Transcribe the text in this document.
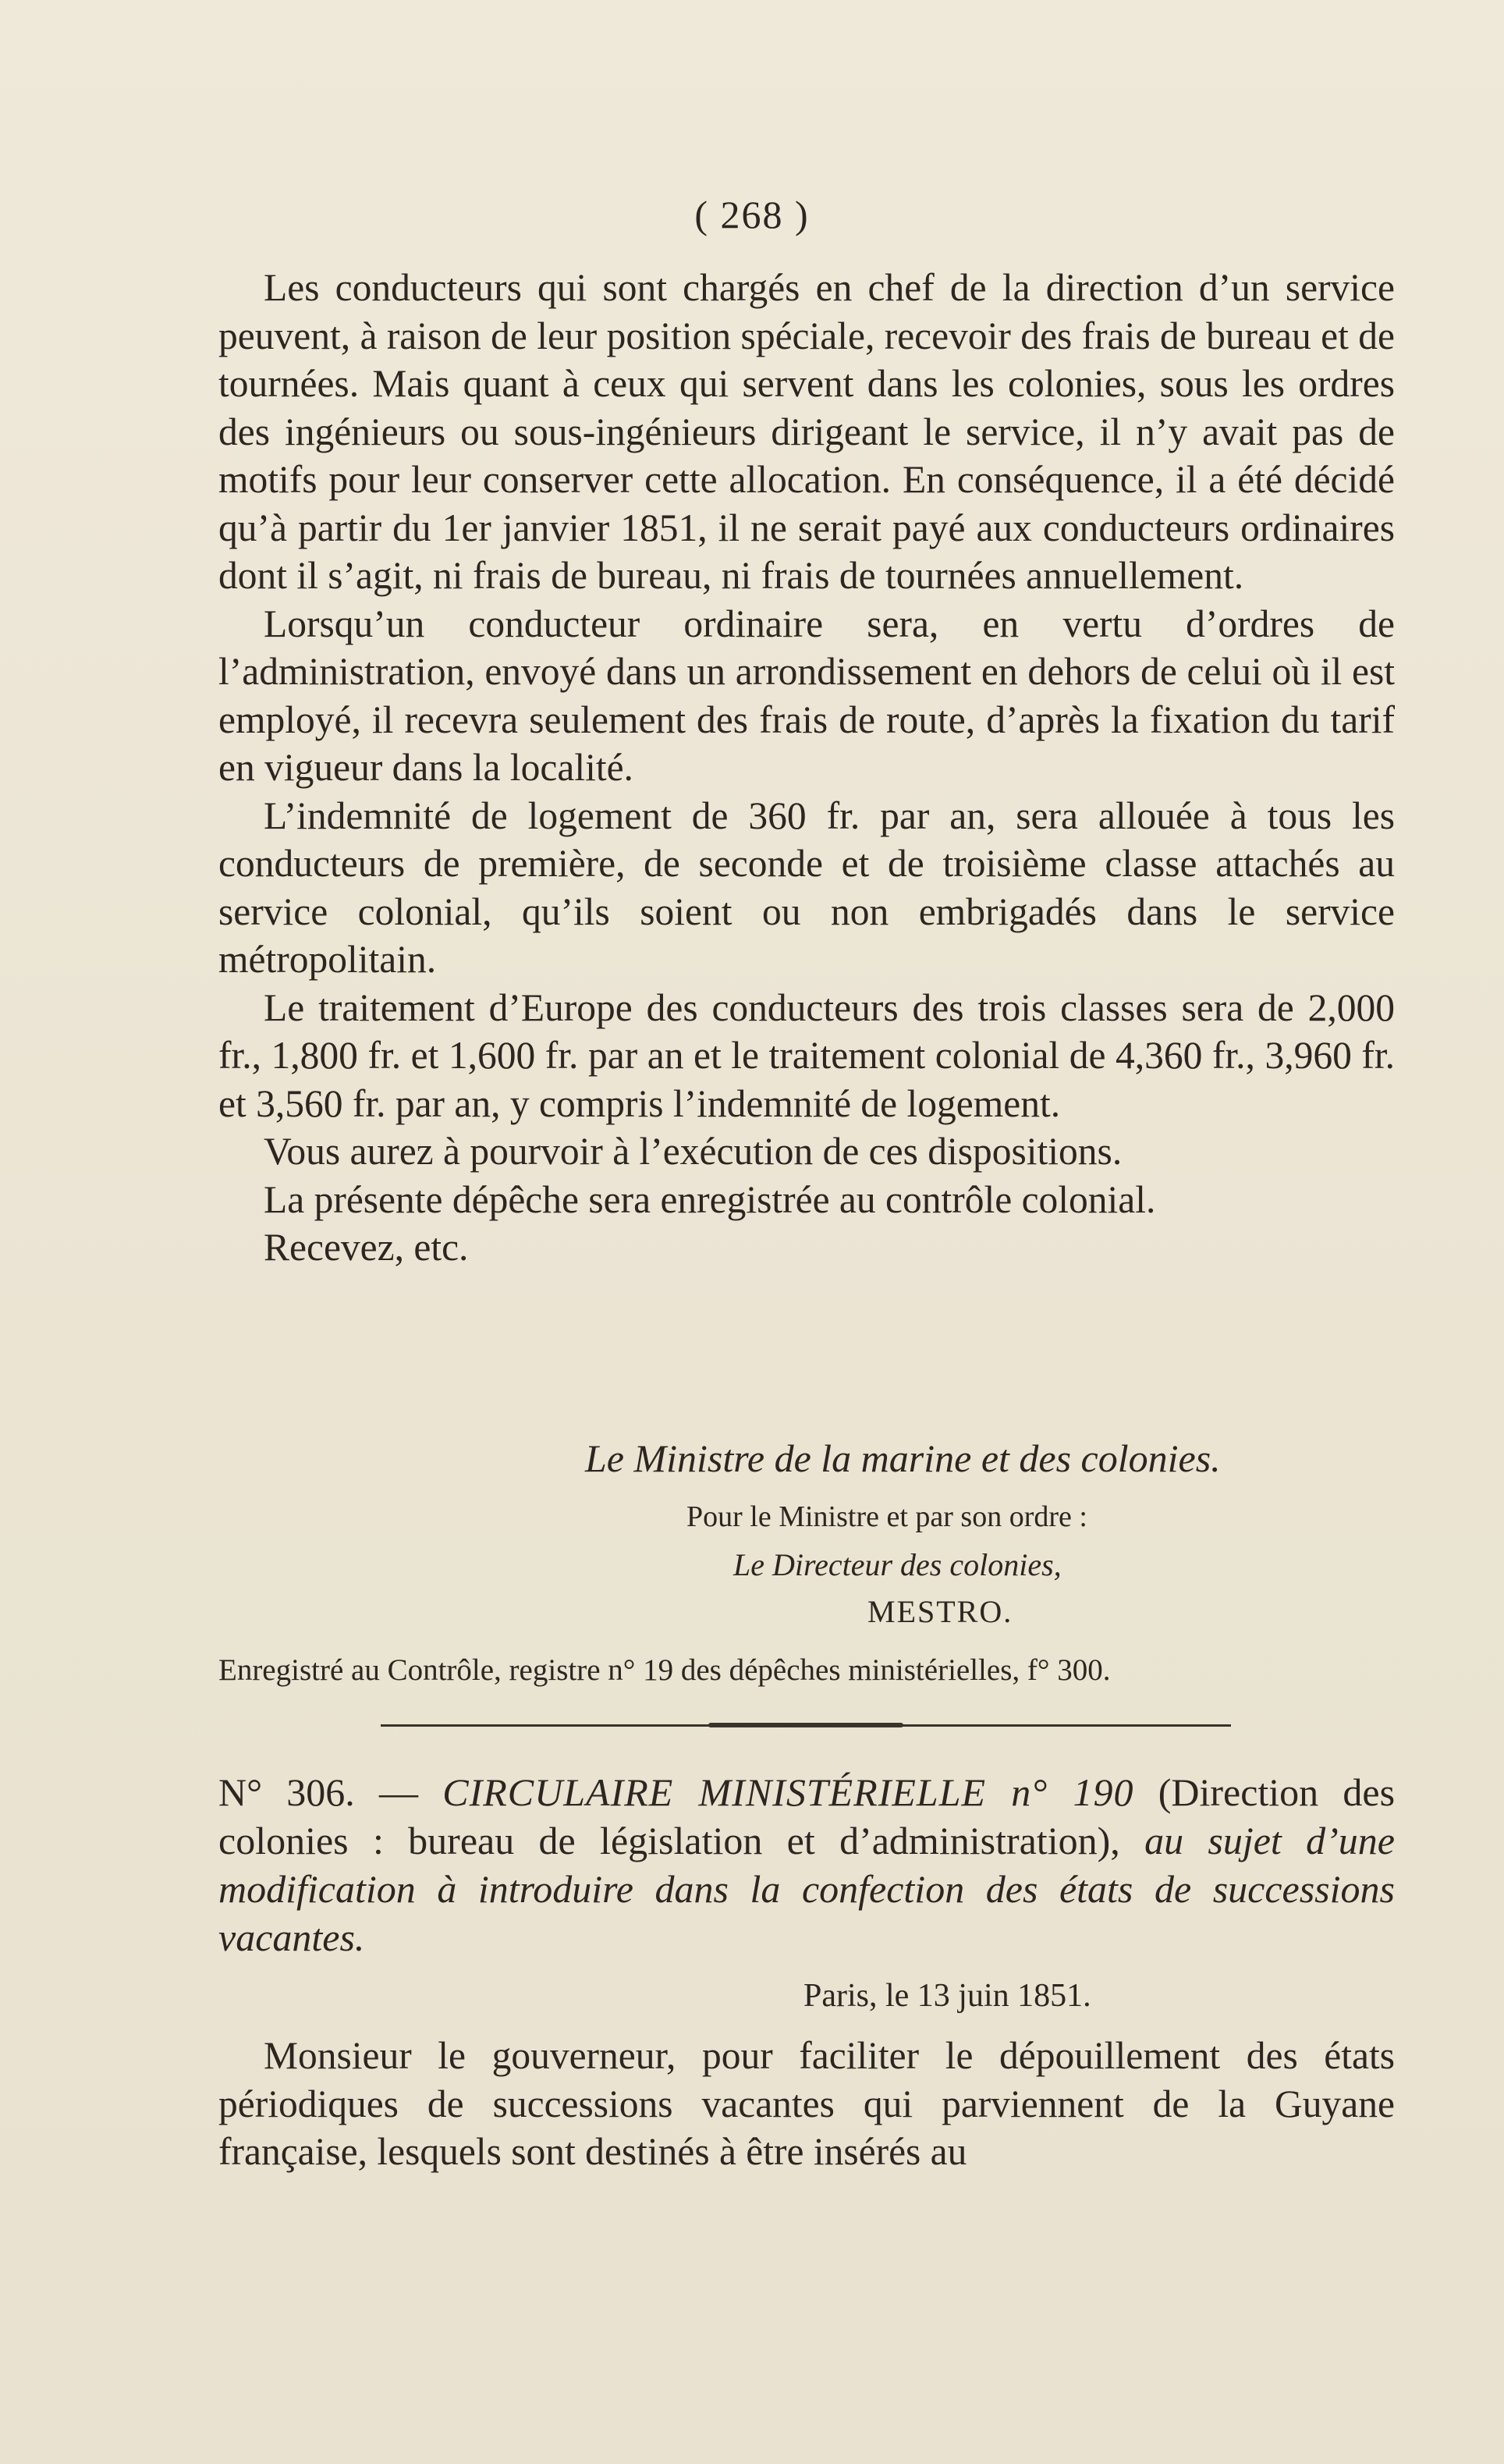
( 268 )

Les conducteurs qui sont chargés en chef de la direction d’un service peuvent, à raison de leur position spéciale, recevoir des frais de bureau et de tournées. Mais quant à ceux qui servent dans les colonies, sous les ordres des ingénieurs ou sous-ingénieurs dirigeant le service, il n’y avait pas de motifs pour leur conserver cette allocation. En conséquence, il a été décidé qu’à partir du 1er janvier 1851, il ne serait payé aux conducteurs ordinaires dont il s’agit, ni frais de bureau, ni frais de tournées annuellement.

Lorsqu’un conducteur ordinaire sera, en vertu d’ordres de l’administration, envoyé dans un arrondissement en dehors de celui où il est employé, il recevra seulement des frais de route, d’après la fixation du tarif en vigueur dans la localité.

L’indemnité de logement de 360 fr. par an, sera allouée à tous les conducteurs de première, de seconde et de troisième classe attachés au service colonial, qu’ils soient ou non embrigadés dans le service métropolitain.

Le traitement d’Europe des conducteurs des trois classes sera de 2,000 fr., 1,800 fr. et 1,600 fr. par an et le traitement colonial de 4,360 fr., 3,960 fr. et 3,560 fr. par an, y compris l’indemnité de logement.

Vous aurez à pourvoir à l’exécution de ces dispositions.

La présente dépêche sera enregistrée au contrôle colonial.

Recevez, etc.

Le Ministre de la marine et des colonies.
Pour le Ministre et par son ordre :
Le Directeur des colonies,
MESTRO.
Enregistré au Contrôle, registre n° 19 des dépêches ministérielles, f° 300.
N° 306. — CIRCULAIRE MINISTÉRIELLE n° 190 (Direction des colonies : bureau de législation et d’administration), au sujet d’une modification à introduire dans la confection des états de successions vacantes.
Paris, le 13 juin 1851.

Monsieur le gouverneur, pour faciliter le dépouillement des états périodiques de successions vacantes qui parviennent de la Guyane française, lesquels sont destinés à être insérés au
